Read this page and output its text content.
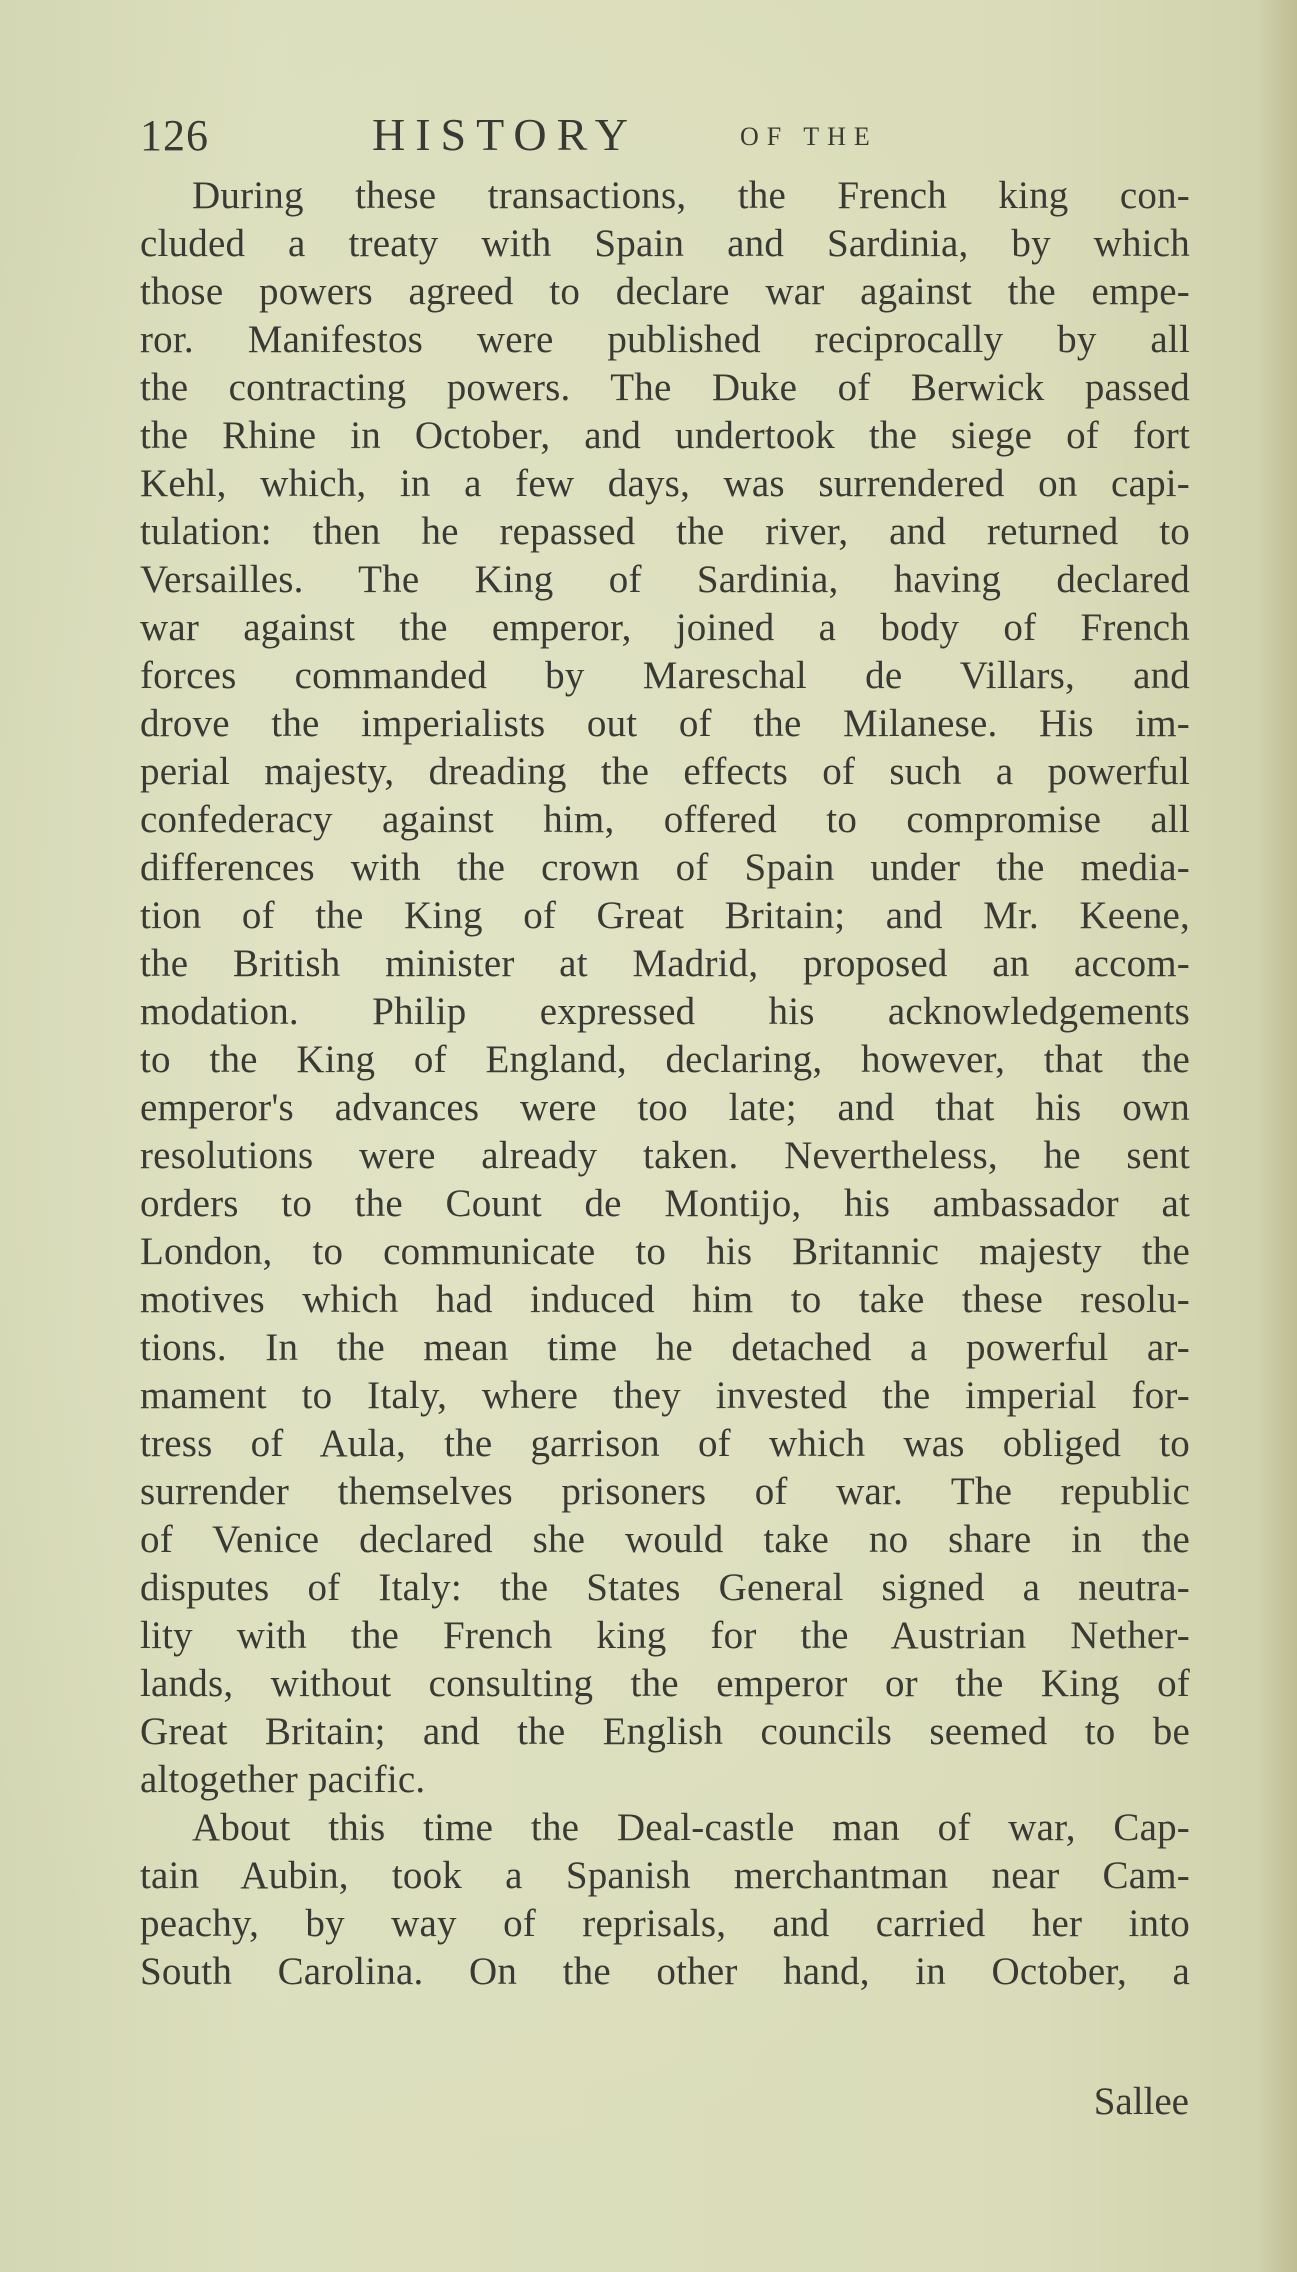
126	HISTORY	OF THE
During these transactions, the French king con-
cluded a treaty with Spain and Sardinia, by which
those powers agreed to declare war against the empe-
ror. Manifestos were published reciprocally by all
the contracting powers. The Duke of Berwick passed
the Rhine in October, and undertook the siege of fort
Kehl, which, in a few days, was surrendered on capi-
tulation: then he repassed the river, and returned to
Versailles. The King of Sardinia, having declared
war against the emperor, joined a body of French
forces commanded by Mareschal de Villars, and
drove the imperialists out of the Milanese. His im-
perial majesty, dreading the effects of such a powerful
confederacy against him, offered to compromise all
differences with the crown of Spain under the media-
tion of the King of Great Britain; and Mr. Keene,
the British minister at Madrid, proposed an accom-
modation. Philip expressed his acknowledgements
to the King of England, declaring, however, that the
emperor's advances were too late; and that his own
resolutions were already taken. Nevertheless, he sent
orders to the Count de Montijo, his ambassador at
London, to communicate to his Britannic majesty the
motives which had induced him to take these resolu-
tions. In the mean time he detached a powerful ar-
mament to Italy, where they invested the imperial for-
tress of Aula, the garrison of which was obliged to
surrender themselves prisoners of war. The republic
of Venice declared she would take no share in the
disputes of Italy: the States General signed a neutra-
lity with the French king for the Austrian Nether-
lands, without consulting the emperor or the King of
Great Britain; and the English councils seemed to be
altogether pacific.
About this time the Deal-castle man of war, Cap-
tain Aubin, took a Spanish merchantman near Cam-
peachy, by way of reprisals, and carried her into
South Carolina. On the other hand, in October, a
Sallee
